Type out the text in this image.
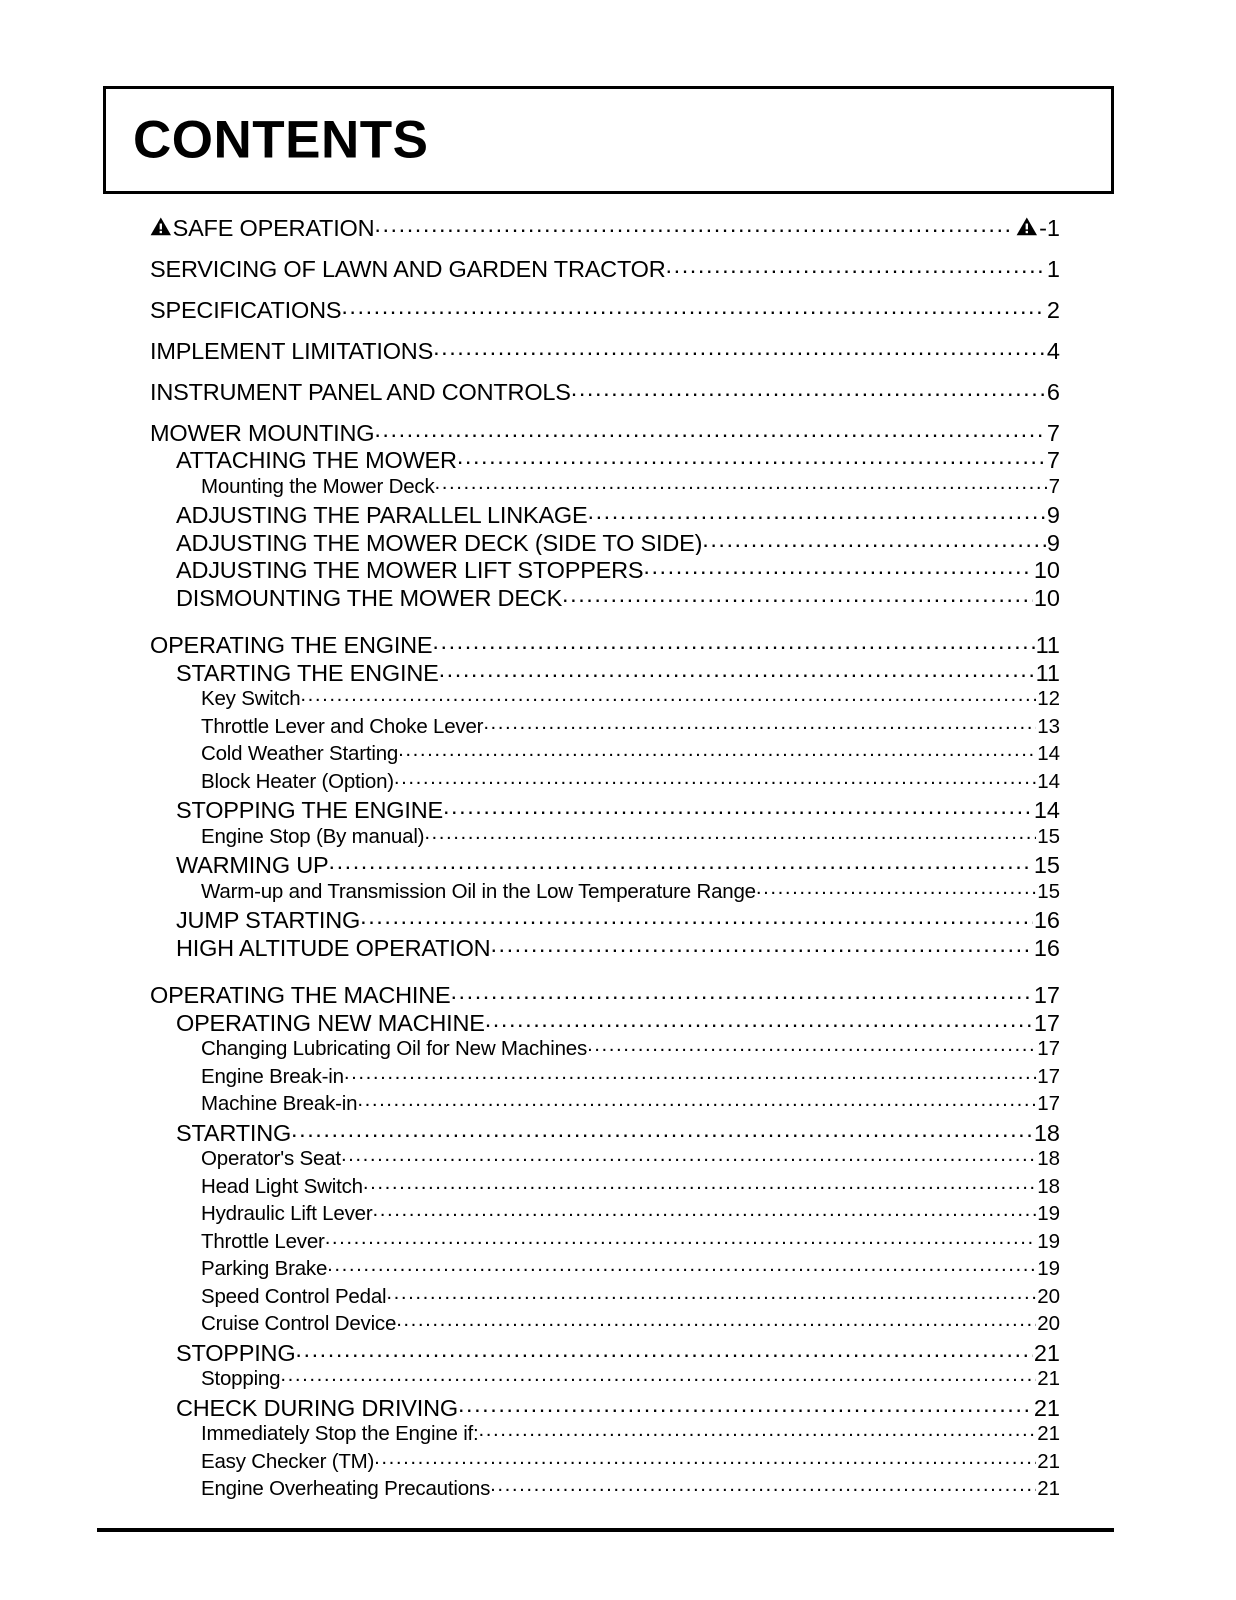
CONTENTS
SAFE OPERATION .....	-1
SERVICING OF LAWN AND GARDEN TRACTOR .....	1
SPECIFICATIONS .....	2
IMPLEMENT LIMITATIONS .....	4
INSTRUMENT PANEL AND CONTROLS .....	6
MOWER MOUNTING .....	7
ATTACHING THE MOWER .....	7
Mounting the Mower Deck .....	7
ADJUSTING THE PARALLEL LINKAGE .....	9
ADJUSTING THE MOWER DECK (SIDE TO SIDE) .....	9
ADJUSTING THE MOWER LIFT STOPPERS .....	10
DISMOUNTING THE MOWER DECK .....	10
OPERATING THE ENGINE .....	11
STARTING THE ENGINE .....	11
Key Switch .....	12
Throttle Lever and Choke Lever .....	13
Cold Weather Starting .....	14
Block Heater (Option) .....	14
STOPPING THE ENGINE .....	14
Engine Stop (By manual) .....	15
WARMING UP .....	15
Warm-up and Transmission Oil in the Low Temperature Range .....	15
JUMP STARTING .....	16
HIGH ALTITUDE OPERATION .....	16
OPERATING THE MACHINE .....	17
OPERATING NEW MACHINE .....	17
Changing Lubricating Oil for New Machines .....	17
Engine Break-in .....	17
Machine Break-in .....	17
STARTING .....	18
Operator's Seat .....	18
Head Light Switch .....	18
Hydraulic Lift Lever .....	19
Throttle Lever .....	19
Parking Brake .....	19
Speed Control Pedal .....	20
Cruise Control Device .....	20
STOPPING .....	21
Stopping .....	21
CHECK DURING DRIVING .....	21
Immediately Stop the Engine if: .....	21
Easy Checker (TM) .....	21
Engine Overheating Precautions .....	21
